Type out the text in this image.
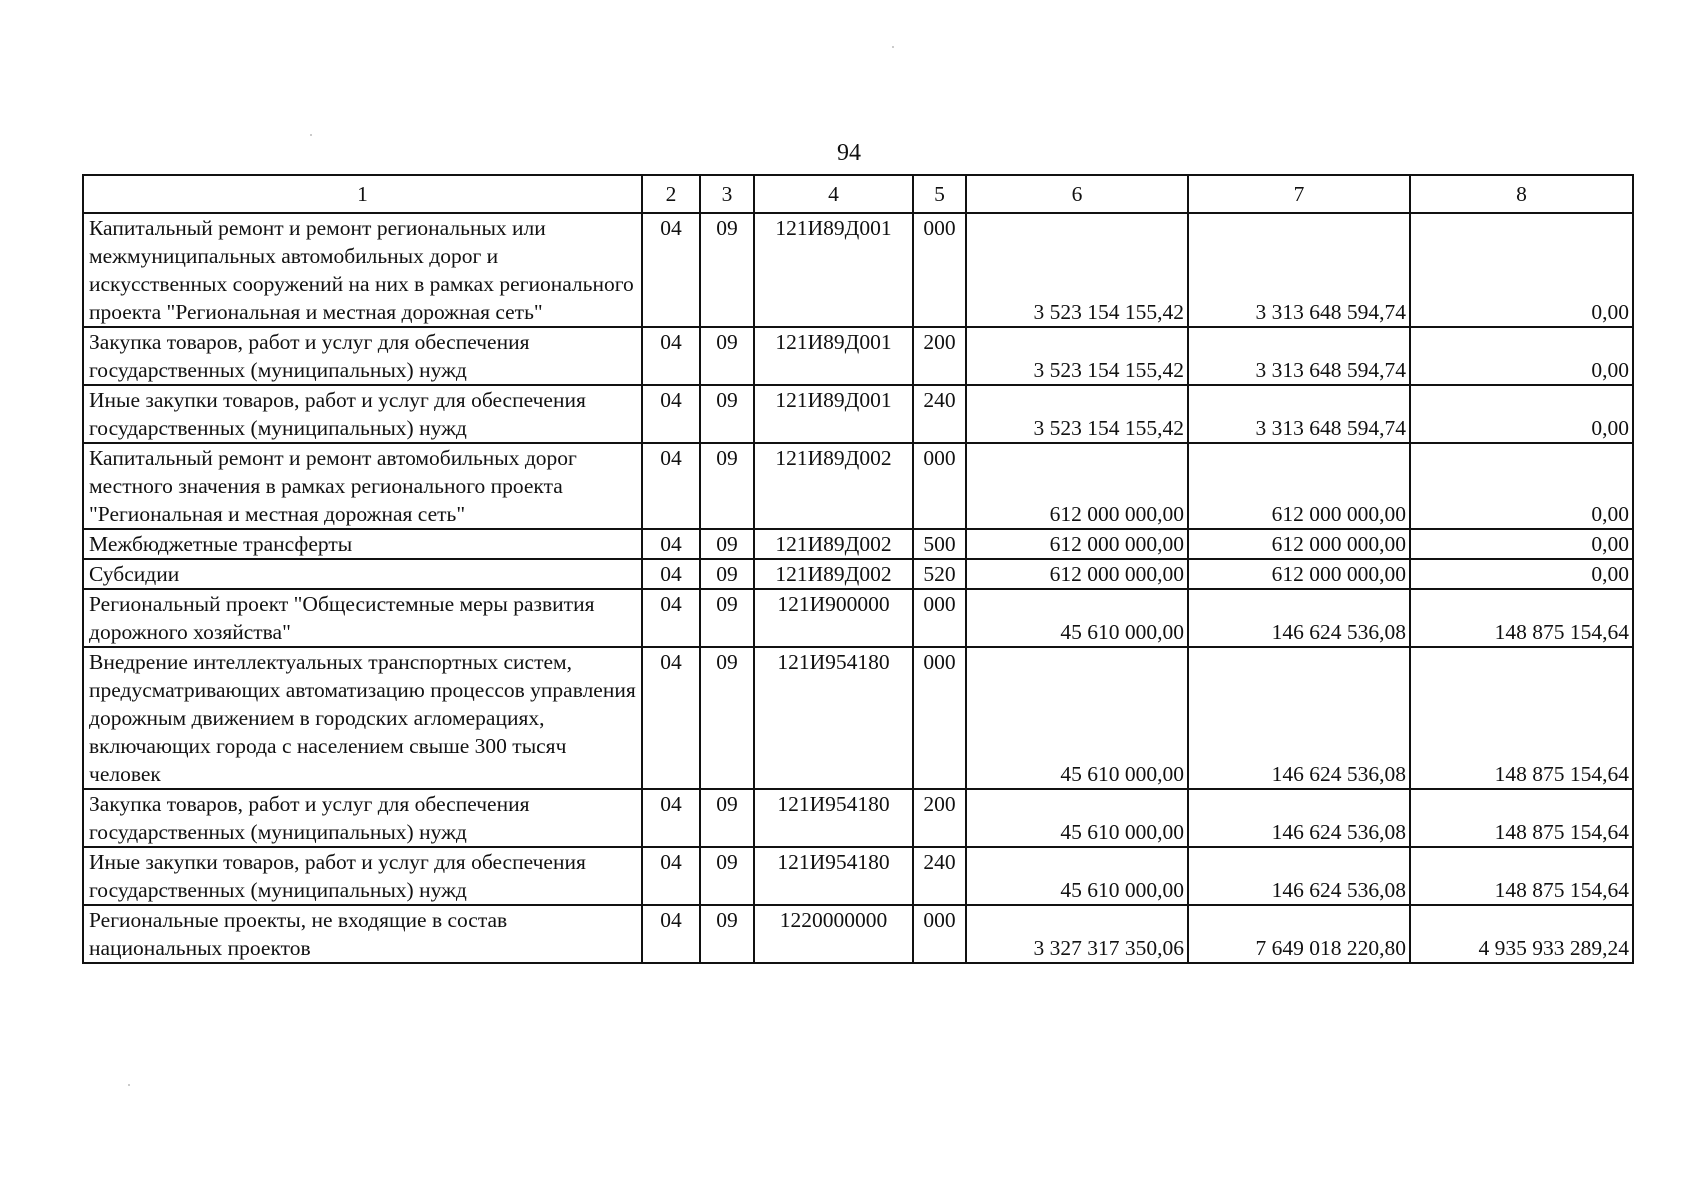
94
1	2	3	4	5	6	7	8
Капитальный ремонт и ремонт региональных или межмуниципальных автомобильных дорог и искусственных сооружений на них в рамках регионального проекта "Региональная и местная дорожная сеть"	04	09	121И89Д001	000	3 523 154 155,42	3 313 648 594,74	0,00
Закупка товаров, работ и услуг для обеспечения государственных (муниципальных) нужд	04	09	121И89Д001	200	3 523 154 155,42	3 313 648 594,74	0,00
Иные закупки товаров, работ и услуг для обеспечения государственных (муниципальных) нужд	04	09	121И89Д001	240	3 523 154 155,42	3 313 648 594,74	0,00
Капитальный ремонт и ремонт автомобильных дорог местного значения в рамках регионального проекта "Региональная и местная дорожная сеть"	04	09	121И89Д002	000	612 000 000,00	612 000 000,00	0,00
Межбюджетные трансферты	04	09	121И89Д002	500	612 000 000,00	612 000 000,00	0,00
Субсидии	04	09	121И89Д002	520	612 000 000,00	612 000 000,00	0,00
Региональный проект "Общесистемные меры развития дорожного хозяйства"	04	09	121И900000	000	45 610 000,00	146 624 536,08	148 875 154,64
Внедрение интеллектуальных транспортных систем, предусматривающих автоматизацию процессов управления дорожным движением в городских агломерациях, включающих города с населением свыше 300 тысяч человек	04	09	121И954180	000	45 610 000,00	146 624 536,08	148 875 154,64
Закупка товаров, работ и услуг для обеспечения государственных (муниципальных) нужд	04	09	121И954180	200	45 610 000,00	146 624 536,08	148 875 154,64
Иные закупки товаров, работ и услуг для обеспечения государственных (муниципальных) нужд	04	09	121И954180	240	45 610 000,00	146 624 536,08	148 875 154,64
Региональные проекты, не входящие в состав национальных проектов	04	09	1220000000	000	3 327 317 350,06	7 649 018 220,80	4 935 933 289,24
